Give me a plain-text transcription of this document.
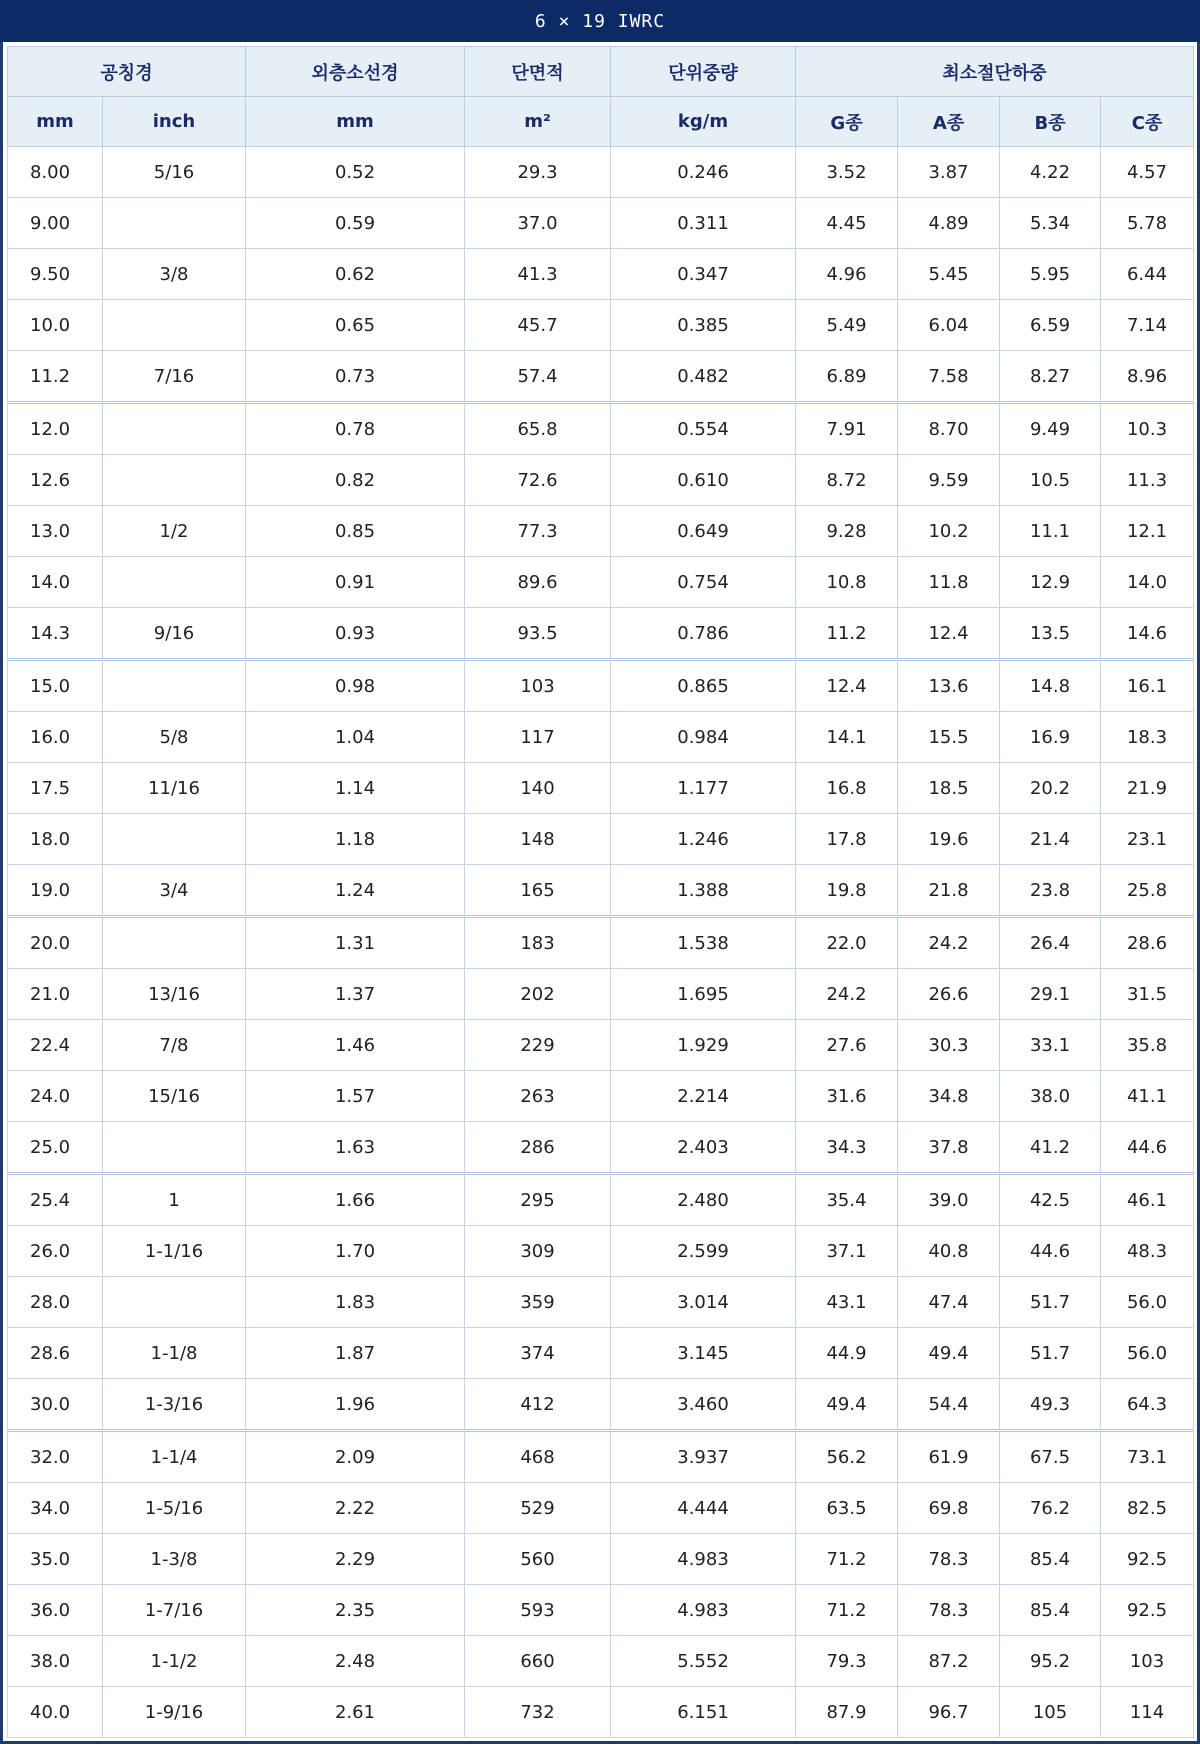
6 × 19 IWRC
공칭경		외층소선경	단면적	단위중량	최소절단하중			
mm	inch	mm	m²	kg/m	G종	A종	B종	C종
8.00	5/16	0.52	29.3	0.246	3.52	3.87	4.22	4.57
9.00		0.59	37.0	0.311	4.45	4.89	5.34	5.78
9.50	3/8	0.62	41.3	0.347	4.96	5.45	5.95	6.44
10.0		0.65	45.7	0.385	5.49	6.04	6.59	7.14
11.2	7/16	0.73	57.4	0.482	6.89	7.58	8.27	8.96
12.0		0.78	65.8	0.554	7.91	8.70	9.49	10.3
12.6		0.82	72.6	0.610	8.72	9.59	10.5	11.3
13.0	1/2	0.85	77.3	0.649	9.28	10.2	11.1	12.1
14.0		0.91	89.6	0.754	10.8	11.8	12.9	14.0
14.3	9/16	0.93	93.5	0.786	11.2	12.4	13.5	14.6
15.0		0.98	103	0.865	12.4	13.6	14.8	16.1
16.0	5/8	1.04	117	0.984	14.1	15.5	16.9	18.3
17.5	11/16	1.14	140	1.177	16.8	18.5	20.2	21.9
18.0		1.18	148	1.246	17.8	19.6	21.4	23.1
19.0	3/4	1.24	165	1.388	19.8	21.8	23.8	25.8
20.0		1.31	183	1.538	22.0	24.2	26.4	28.6
21.0	13/16	1.37	202	1.695	24.2	26.6	29.1	31.5
22.4	7/8	1.46	229	1.929	27.6	30.3	33.1	35.8
24.0	15/16	1.57	263	2.214	31.6	34.8	38.0	41.1
25.0		1.63	286	2.403	34.3	37.8	41.2	44.6
25.4	1	1.66	295	2.480	35.4	39.0	42.5	46.1
26.0	1-1/16	1.70	309	2.599	37.1	40.8	44.6	48.3
28.0		1.83	359	3.014	43.1	47.4	51.7	56.0
28.6	1-1/8	1.87	374	3.145	44.9	49.4	51.7	56.0
30.0	1-3/16	1.96	412	3.460	49.4	54.4	49.3	64.3
32.0	1-1/4	2.09	468	3.937	56.2	61.9	67.5	73.1
34.0	1-5/16	2.22	529	4.444	63.5	69.8	76.2	82.5
35.0	1-3/8	2.29	560	4.983	71.2	78.3	85.4	92.5
36.0	1-7/16	2.35	593	4.983	71.2	78.3	85.4	92.5
38.0	1-1/2	2.48	660	5.552	79.3	87.2	95.2	103
40.0	1-9/16	2.61	732	6.151	87.9	96.7	105	114
